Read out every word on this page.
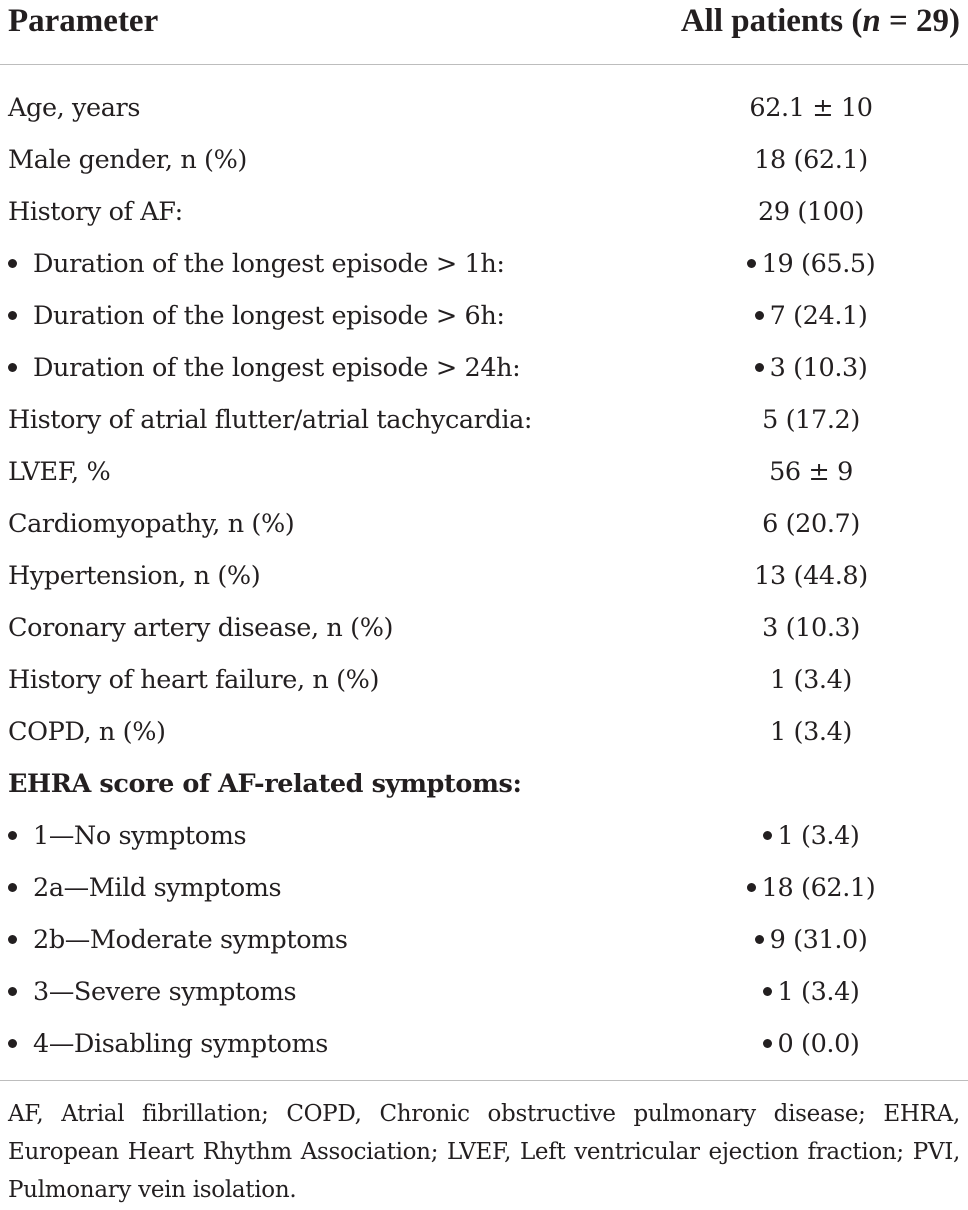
Parameter	All patients (n = 29)
Age, years	62.1 ± 10
Male gender, n (%)	18 (62.1)
History of AF:	29 (100)
Duration of the longest episode > 1h:	19 (65.5)
Duration of the longest episode > 6h:	7 (24.1)
Duration of the longest episode > 24h:	3 (10.3)
History of atrial flutter/atrial tachycardia:	5 (17.2)
LVEF, %	56 ± 9
Cardiomyopathy, n (%)	6 (20.7)
Hypertension, n (%)	13 (44.8)
Coronary artery disease, n (%)	3 (10.3)
History of heart failure, n (%)	1 (3.4)
COPD, n (%)	1 (3.4)
EHRA score of AF-related symptoms:
1—No symptoms	1 (3.4)
2a—Mild symptoms	18 (62.1)
2b—Moderate symptoms	9 (31.0)
3—Severe symptoms	1 (3.4)
4—Disabling symptoms	0 (0.0)
AF, Atrial fibrillation; COPD, Chronic obstructive pulmonary disease; EHRA, European Heart Rhythm Association; LVEF, Left ventricular ejection fraction; PVI, Pulmonary vein isolation.
